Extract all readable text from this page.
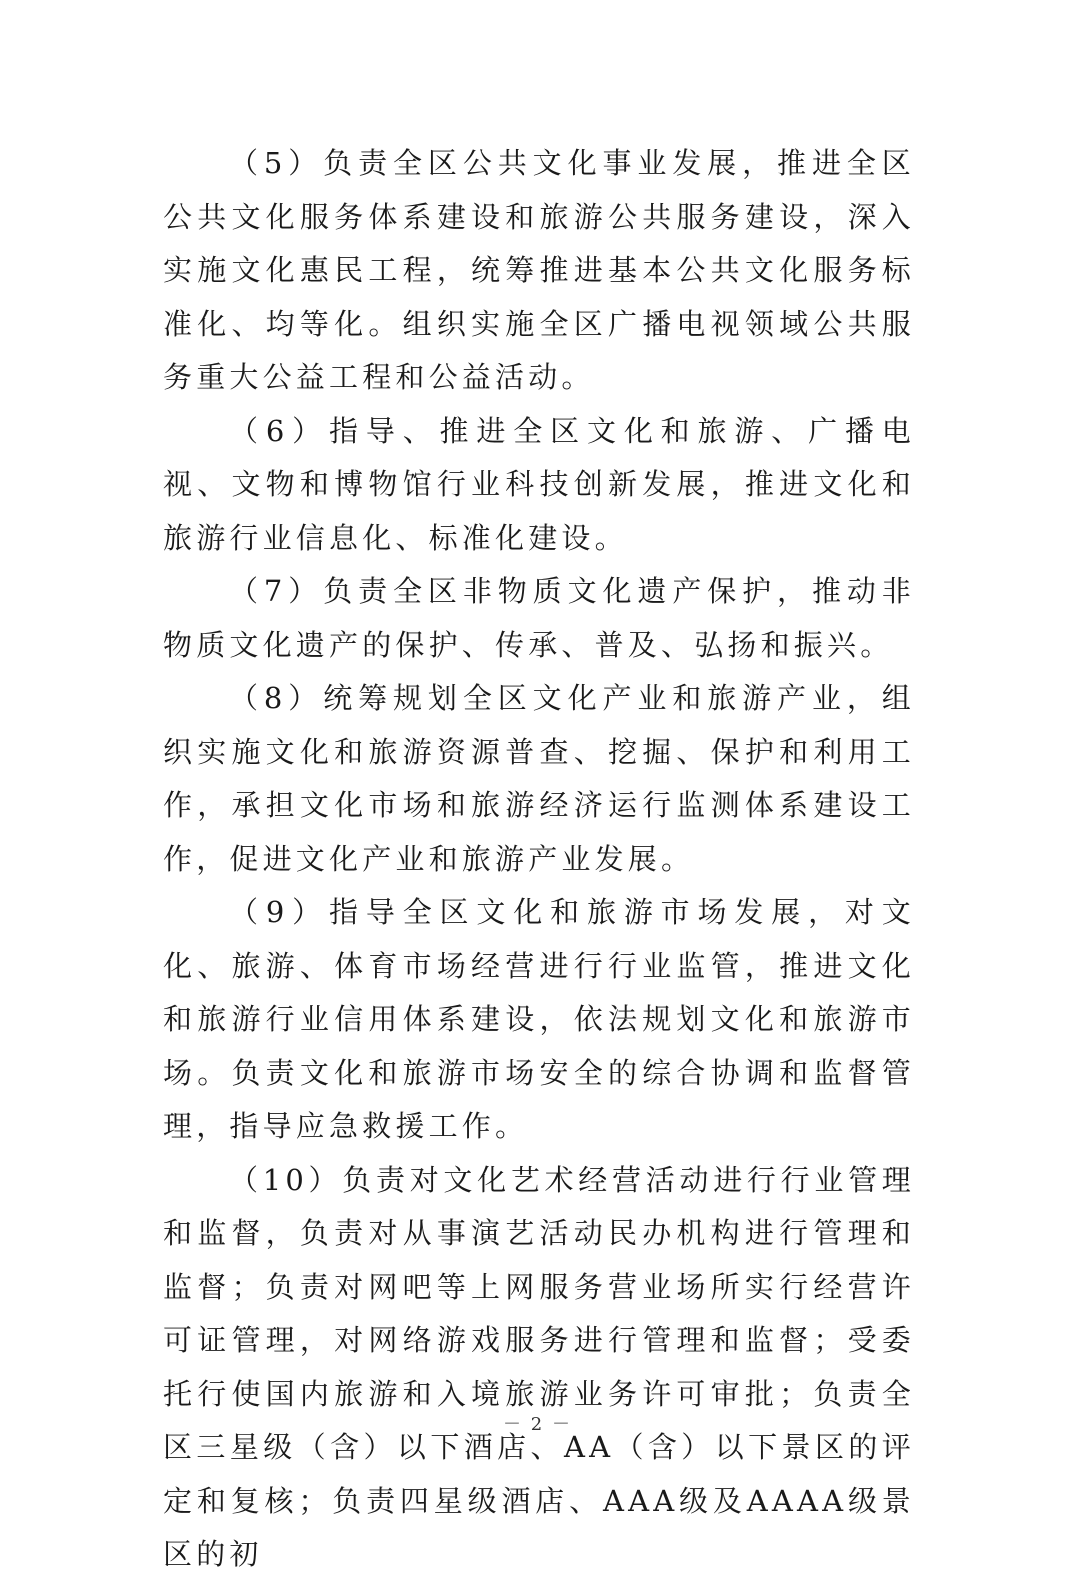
（5）负责全区公共文化事业发展，推进全区公共文化服务体系建设和旅游公共服务建设，深入实施文化惠民工程，统筹推进基本公共文化服务标准化、均等化。组织实施全区广播电视领域公共服务重大公益工程和公益活动。

（6）指导、推进全区文化和旅游、广播电视、文物和博物馆行业科技创新发展，推进文化和旅游行业信息化、标准化建设。

（7）负责全区非物质文化遗产保护，推动非物质文化遗产的保护、传承、普及、弘扬和振兴。

（8）统筹规划全区文化产业和旅游产业，组织实施文化和旅游资源普查、挖掘、保护和利用工作，承担文化市场和旅游经济运行监测体系建设工作，促进文化产业和旅游产业发展。

（9）指导全区文化和旅游市场发展，对文化、旅游、体育市场经营进行行业监管，推进文化和旅游行业信用体系建设，依法规划文化和旅游市场。负责文化和旅游市场安全的综合协调和监督管理，指导应急救援工作。

（10）负责对文化艺术经营活动进行行业管理和监督，负责对从事演艺活动民办机构进行管理和监督；负责对网吧等上网服务营业场所实行经营许可证管理，对网络游戏服务进行管理和监督；受委托行使国内旅游和入境旅游业务许可审批；负责全区三星级（含）以下酒店、AA（含）以下景区的评定和复核；负责四星级酒店、AAA级及AAAA级景区的初

－ 2 －
